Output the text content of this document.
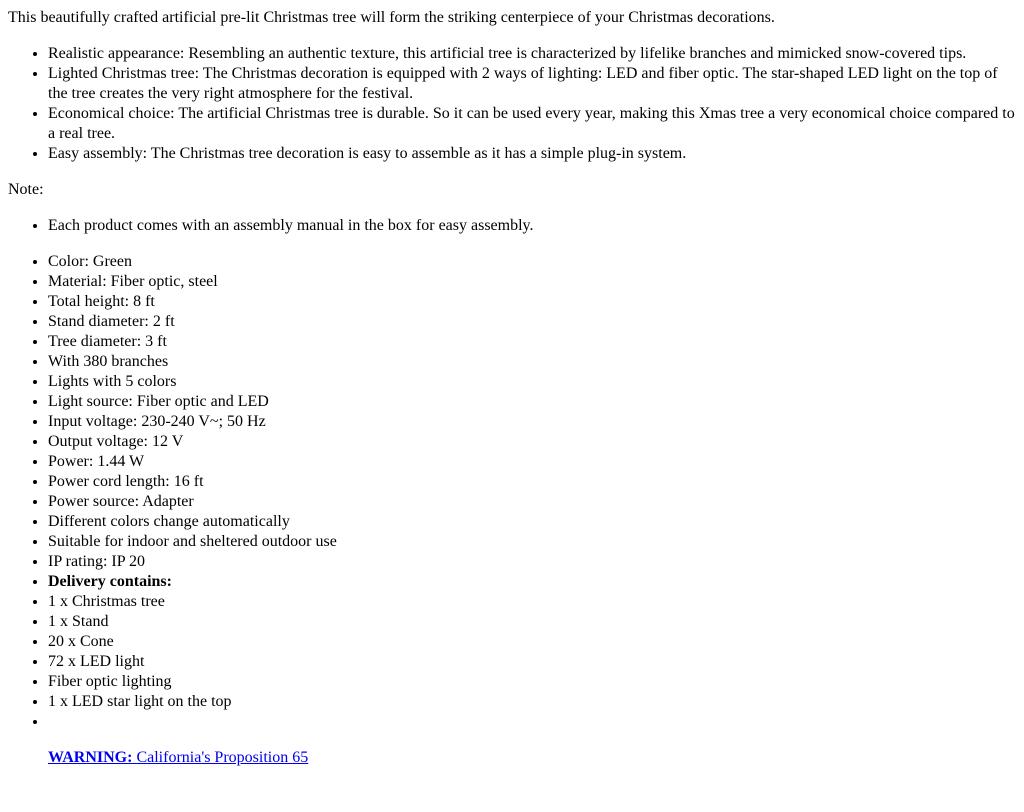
This beautifully crafted artificial pre-lit Christmas tree will form the striking centerpiece of your Christmas decorations.

• Realistic appearance: Resembling an authentic texture, this artificial tree is characterized by lifelike branches and mimicked snow-covered tips.
• Lighted Christmas tree: The Christmas decoration is equipped with 2 ways of lighting: LED and fiber optic. The star-shaped LED light on the top of the tree creates the very right atmosphere for the festival.
• Economical choice: The artificial Christmas tree is durable. So it can be used every year, making this Xmas tree a very economical choice compared to a real tree.
• Easy assembly: The Christmas tree decoration is easy to assemble as it has a simple plug-in system.

Note:

• Each product comes with an assembly manual in the box for easy assembly.
• Color: Green
• Material: Fiber optic, steel
• Total height: 8 ft
• Stand diameter: 2 ft
• Tree diameter: 3 ft
• With 380 branches
• Lights with 5 colors
• Light source: Fiber optic and LED
• Input voltage: 230-240 V~; 50 Hz
• Output voltage: 12 V
• Power: 1.44 W
• Power cord length: 16 ft
• Power source: Adapter
• Different colors change automatically
• Suitable for indoor and sheltered outdoor use
• IP rating: IP 20
• Delivery contains:
• 1 x Christmas tree
• 1 x Stand
• 20 x Cone
• 72 x LED light
• Fiber optic lighting
• 1 x LED star light on the top
•

WARNING: California's Proposition 65
